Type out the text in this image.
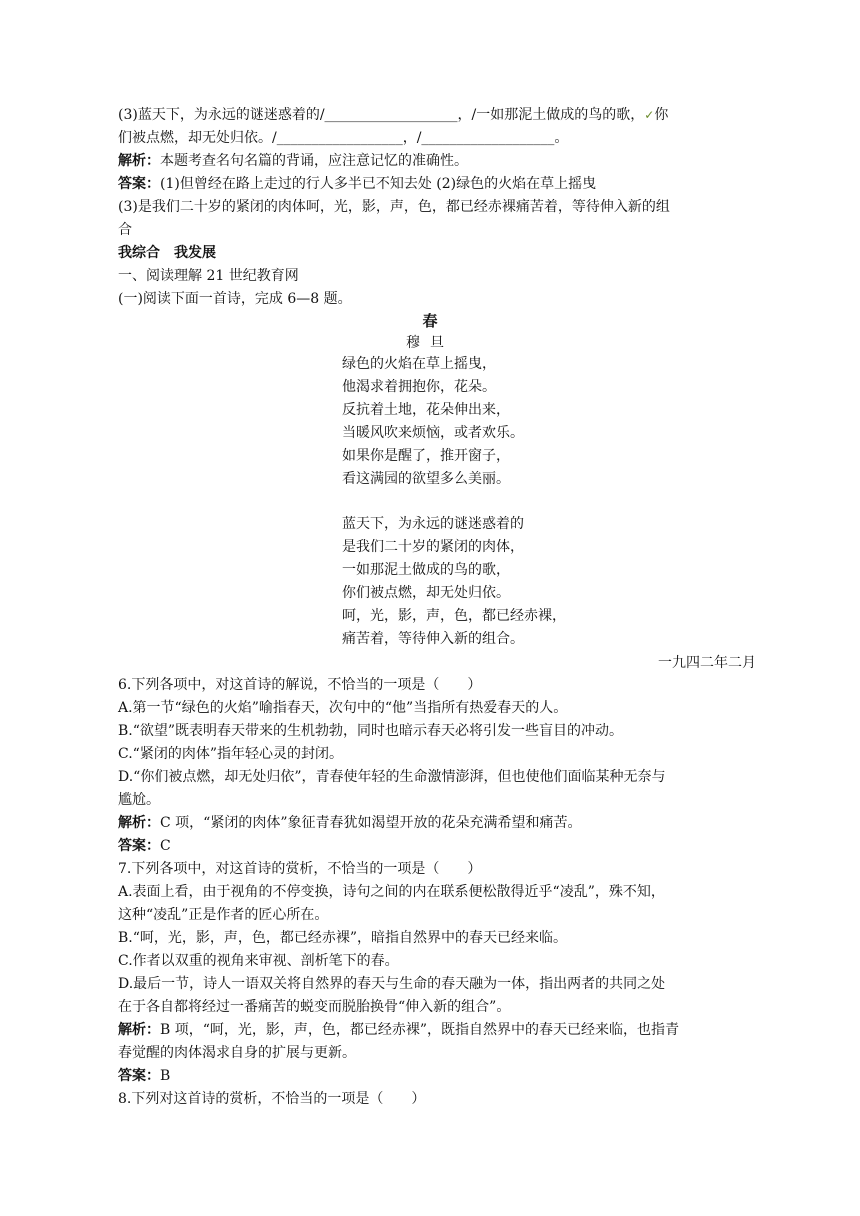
(3)蓝天下，为永远的谜迷惑着的/___________________，/一如那泥土做成的鸟的歌，✓你
们被点燃，却无处归依。/__________________，/___________________。
解析：本题考查名句名篇的背诵，应注意记忆的准确性。
答案：(1)但曾经在路上走过的行人多半已不知去处 (2)绿色的火焰在草上摇曳
(3)是我们二十岁的紧闭的肉体呵，光，影，声，色，都已经赤裸痛苦着，等待伸入新的组
合
我综合　我发展
一、阅读理解 21 世纪教育网
(一)阅读下面一首诗，完成 6—8 题。
春
穆旦
绿色的火焰在草上摇曳，
他渴求着拥抱你，花朵。
反抗着土地，花朵伸出来，
当暖风吹来烦恼，或者欢乐。
如果你是醒了，推开窗子，
看这满园的欲望多么美丽。
蓝天下，为永远的谜迷惑着的
是我们二十岁的紧闭的肉体，
一如那泥土做成的鸟的歌，
你们被点燃，却无处归依。
呵，光，影，声，色，都已经赤裸，
痛苦着，等待伸入新的组合。
一九四二年二月
6.下列各项中，对这首诗的解说，不恰当的一项是（　　）
A.第一节“绿色的火焰”喻指春天，次句中的“他”当指所有热爱春天的人。
B.“欲望”既表明春天带来的生机勃勃，同时也暗示春天必将引发一些盲目的冲动。
C.“紧闭的肉体”指年轻心灵的封闭。
D.“你们被点燃，却无处归依”，青春使年轻的生命激情澎湃，但也使他们面临某种无奈与
尴尬。
解析：C 项，“紧闭的肉体”象征青春犹如渴望开放的花朵充满希望和痛苦。
答案：C
7.下列各项中，对这首诗的赏析，不恰当的一项是（　　）
A.表面上看，由于视角的不停变换，诗句之间的内在联系便松散得近乎“凌乱”，殊不知，
这种“凌乱”正是作者的匠心所在。
B.“呵，光，影，声，色，都已经赤裸”，暗指自然界中的春天已经来临。
C.作者以双重的视角来审视、剖析笔下的春。
D.最后一节，诗人一语双关将自然界的春天与生命的春天融为一体，指出两者的共同之处
在于各自都将经过一番痛苦的蜕变而脱胎换骨“伸入新的组合”。
解析：B 项，“呵，光，影，声，色，都已经赤裸”，既指自然界中的春天已经来临，也指青
春觉醒的肉体渴求自身的扩展与更新。
答案：B
8.下列对这首诗的赏析，不恰当的一项是（　　）
